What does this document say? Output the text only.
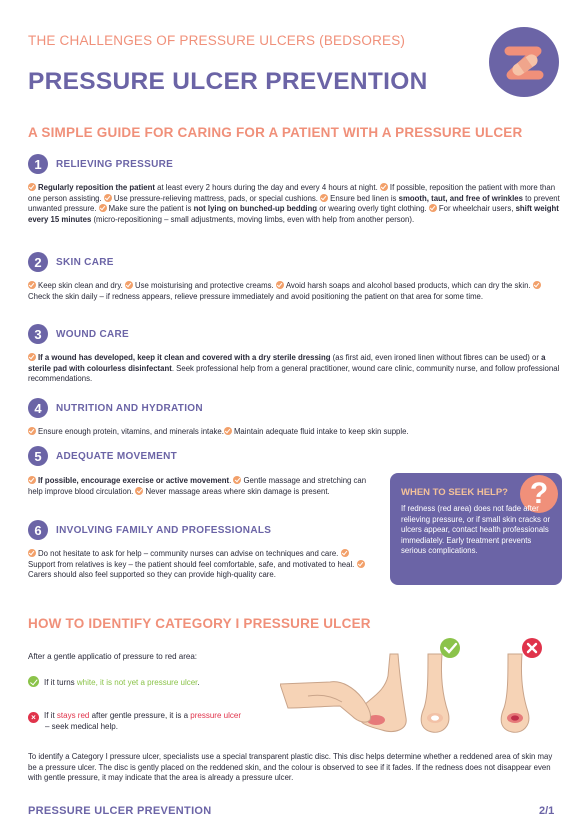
THE CHALLENGES OF PRESSURE ULCERS (BEDSORES)
PRESSURE ULCER PREVENTION
A SIMPLE GUIDE FOR CARING FOR A PATIENT WITH A PRESSURE ULCER
1	RELIEVING PRESSURE
Regularly reposition the patient at least every 2 hours during the day and every 4 hours at night. If possible, reposition the patient with more than one person assisting. Use pressure-relieving mattress, pads, or special cushions. Ensure bed linen is smooth, taut, and free of wrinkles to prevent unwanted pressure. Make sure the patient is not lying on bunched-up bedding or wearing overly tight clothing. For wheelchair users, shift weight every 15 minutes (micro-repositioning – small adjustments, moving limbs, even with help from another person).
2	SKIN CARE
Keep skin clean and dry. Use moisturising and protective creams. Avoid harsh soaps and alcohol based products, which can dry the skin. Check the skin daily – if redness appears, relieve pressure immediately and avoid positioning the patient on that area for some time.
3	WOUND CARE
If a wound has developed, keep it clean and covered with a dry sterile dressing (as first aid, even ironed linen without fibres can be used) or a sterile pad with colourless disinfectant. Seek professional help from a general practitioner, wound care clinic, community nurse, and follow professional recommendations.
4	NUTRITION AND HYDRATION
Ensure enough protein, vitamins, and minerals intake. Maintain adequate fluid intake to keep skin supple.
5	ADEQUATE MOVEMENT
If possible, encourage exercise or active movement. Gentle massage and stretching can help improve blood circulation. Never massage areas where skin damage is present.
6	INVOLVING FAMILY AND PROFESSIONALS
Do not hesitate to ask for help – community nurses can advise on techniques and care. Support from relatives is key – the patient should feel comfortable, safe, and motivated to heal. Carers should also feel supported so they can provide high-quality care.
?
WHEN TO SEEK HELP?
If redness (red area) does not fade after relieving pressure, or if small skin cracks or ulcers appear, contact health professionals immediately. Early treatment prevents serious complications.
HOW TO IDENTIFY CATEGORY I PRESSURE ULCER
After a gentle applicatio of pressure to red area:
If it turns white, it is not yet a pressure ulcer.
× If it stays red after gentle pressure, it is a pressure ulcer
– seek medical help.
To identify a Category I pressure ulcer, specialists use a special transparent plastic disc. This disc helps determine whether a reddened area of skin may be a pressure ulcer. The disc is gently placed on the reddened skin, and the colour is observed to see if it fades. If the redness does not disappear even with gentle pressure, it may indicate that the area is already a pressure ulcer.
PRESSURE ULCER PREVENTION	2/1
